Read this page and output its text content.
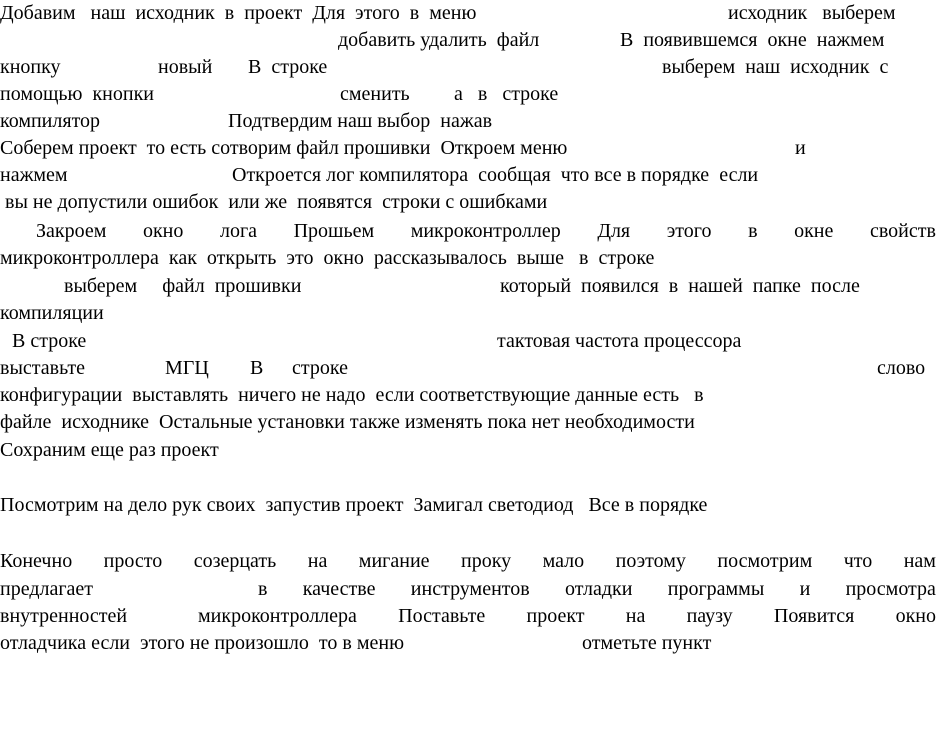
Добавим   наш  исходник  в  проект  Для  этого  в  меню

	исходник   выберем

добавить удалить  файл

	В  появившемся  окне  нажмем

кнопку

	новый

В  строке

	выберем  наш  исходник  с

помощью  кнопки

	сменить

а   в   строке

компилятор

	Подтвердим наш выбор  нажав

Соберем проект  то есть сотворим файл прошивки  Откроем меню

	и

нажмем

	Откроется лог компилятора  сообщая  что все в порядке  если

вы не допустили ошибок  или же  появятся  строки с ошибками

Закроем окно лога Прошьем микроконтроллер Для этого в окне свойств

микроконтроллера  как  открыть  это  окно  рассказывалось  выше   в  строке

выберем     файл  прошивки

	который  появился  в  нашей  папке  после

компиляции

В строке

	тактовая частота процессора

выставьте

	МГЦ

В

строке

	слово

конфигурации  выставлять  ничего не надо  если соответствующие данные есть   в

файле  исходнике  Остальные установки также изменять пока нет необходимости

Сохраним еще раз проект

Посмотрим на дело рук своих  запустив проект  Замигал светодиод   Все в порядке

Конечно просто созерцать на мигание проку мало поэтому посмотрим что нам

предлагает

	в качестве инструментов отладки программы и просмотра

внутренностей

	микроконтроллера Поставьте проект на паузу Появится окно

отладчика если  этого не произошло  то в меню

	отметьте пункт
